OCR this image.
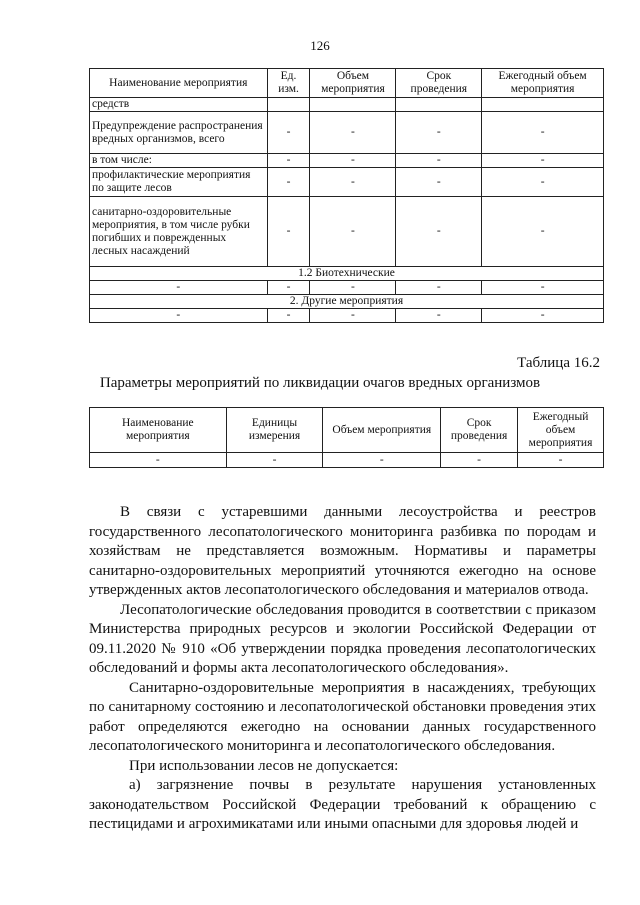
126
Наименование мероприятия	Ед. изм.	Объем мероприятия	Срок проведения	Ежегодный объем мероприятия
средств				
Предупреждение распространения вредных организмов, всего	-	-	-	-
в том числе:	-	-	-	-
профилактические мероприятия по защите лесов	-	-	-	-
санитарно-оздоровительные мероприятия, в том числе рубки погибших и поврежденных лесных насаждений	-	-	-	-
1.2 Биотехнические				
-	-	-	-	-
2. Другие мероприятия				
-	-	-	-	-
Таблица 16.2
Параметры мероприятий по ликвидации очагов вредных организмов
Наименование мероприятия	Единицы измерения	Объем мероприятия	Срок проведения	Ежегодный объем мероприятия
-	-	-	-	-

В связи с устаревшими данными лесоустройства и реестров государственного лесопатологического мониторинга разбивка по породам и хозяйствам не представляется возможным. Нормативы и параметры санитарно-оздоровительных мероприятий уточняются ежегодно на основе утвержденных актов лесопатологического обследования и материалов отвода.

Лесопатологические обследования проводится в соответствии с приказом Министерства природных ресурсов и экологии Российской Федерации от 09.11.2020 № 910 «Об утверждении порядка проведения лесопатологических обследований и формы акта лесопатологического обследования».

Санитарно-оздоровительные мероприятия в насаждениях, требующих по санитарному состоянию и лесопатологической обстановки проведения этих работ определяются ежегодно на основании данных государственного лесопатологического мониторинга и лесопатологического обследования.

При использовании лесов не допускается:

а) загрязнение почвы в результате нарушения установленных законодательством Российской Федерации требований к обращению с пестицидами и агрохимикатами или иными опасными для здоровья людей и
